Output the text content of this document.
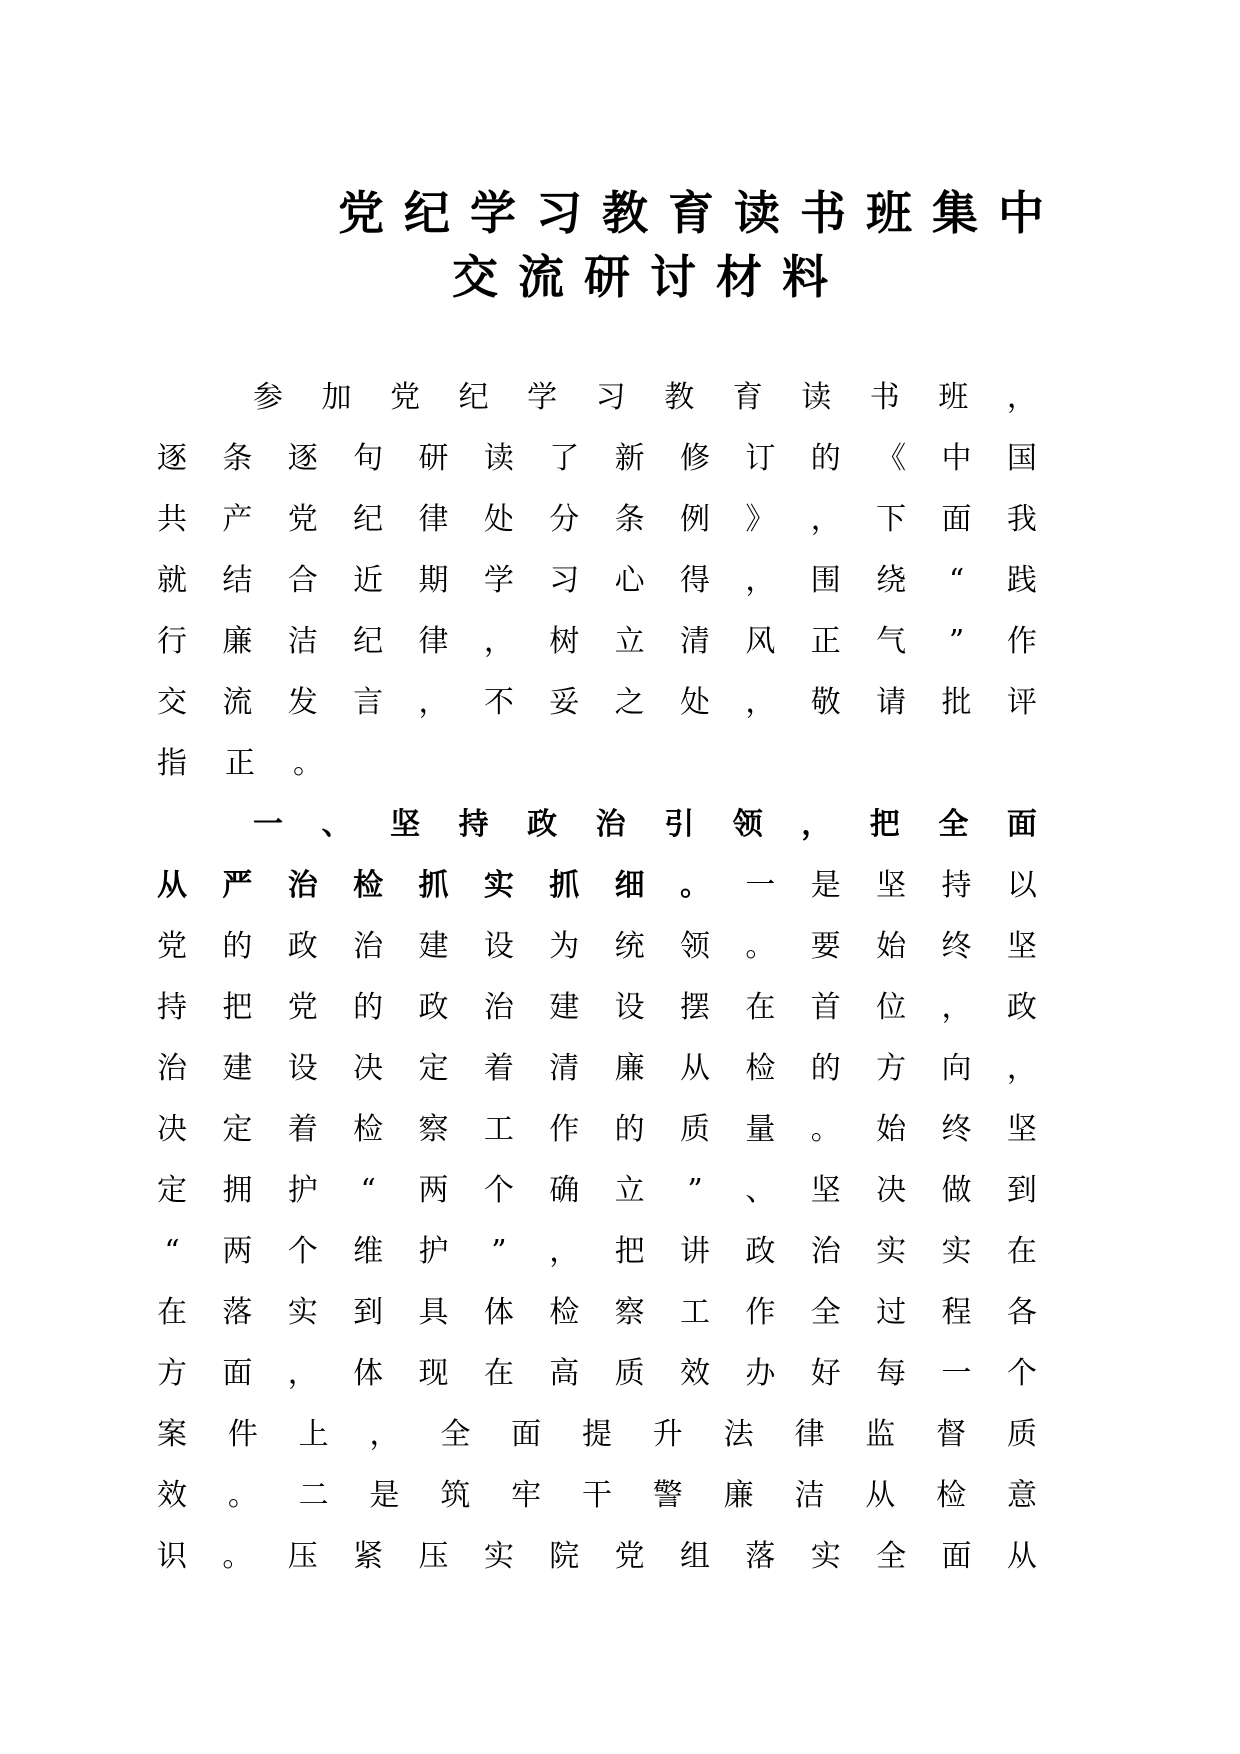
党纪学习教育读书班集中
交流研讨材料
参 加 党 纪 学 习 教 育 读 书 班 ，
逐 条 逐 句 研 读 了 新 修 订 的 《 中 国
共 产 党 纪 律 处 分 条 例 》 ， 下 面 我
就 结 合 近 期 学 习 心 得 ， 围 绕 “ 践
行 廉 洁 纪 律 ， 树 立 清 风 正 气 ” 作
交 流 发 言 ， 不 妥 之 处 ， 敬 请 批 评
指 正 。
一 、 坚 持 政 治 引 领 ， 把 全 面
从 严 治 检 抓 实 抓 细 。 一 是 坚 持 以
党 的 政 治 建 设 为 统 领 。 要 始 终 坚
持 把 党 的 政 治 建 设 摆 在 首 位 ， 政
治 建 设 决 定 着 清 廉 从 检 的 方 向 ，
决 定 着 检 察 工 作 的 质 量 。 始 终 坚
定 拥 护 “ 两 个 确 立 ” 、 坚 决 做 到
“ 两 个 维 护 ” ， 把 讲 政 治 实 实 在
在 落 实 到 具 体 检 察 工 作 全 过 程 各
方 面 ， 体 现 在 高 质 效 办 好 每 一 个
案 件 上 ， 全 面 提 升 法 律 监 督 质
效 。 二 是 筑 牢 干 警 廉 洁 从 检 意
识 。 压 紧 压 实 院 党 组 落 实 全 面 从
